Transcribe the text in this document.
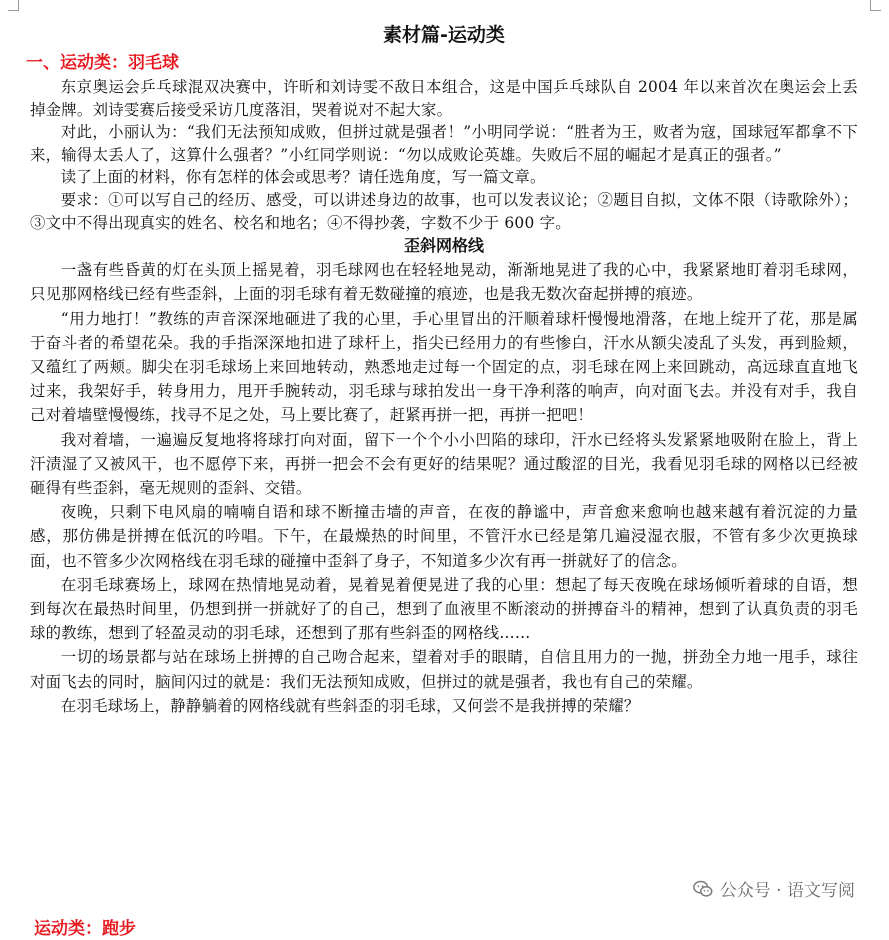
素材篇-运动类
一、运动类：羽毛球

东京奥运会乒乓球混双决赛中，许昕和刘诗雯不敌日本组合，这是中国乒乓球队自 2004 年以来首次在奥运会上丢掉金牌。刘诗雯赛后接受采访几度落泪，哭着说对不起大家。

对此，小丽认为：“我们无法预知成败，但拼过就是强者！”小明同学说：“胜者为王，败者为寇，国球冠军都拿不下来，输得太丢人了，这算什么强者？”小红同学则说：“勿以成败论英雄。失败后不屈的崛起才是真正的强者。”

读了上面的材料，你有怎样的体会或思考？请任选角度，写一篇文章。

要求：①可以写自己的经历、感受，可以讲述身边的故事，也可以发表议论；②题目自拟，文体不限（诗歌除外）；③文中不得出现真实的姓名、校名和地名；④不得抄袭，字数不少于 600 字。

歪斜网格线

一盏有些昏黄的灯在头顶上摇晃着，羽毛球网也在轻轻地晃动，渐渐地晃进了我的心中，我紧紧地盯着羽毛球网，只见那网格线已经有些歪斜，上面的羽毛球有着无数碰撞的痕迹，也是我无数次奋起拼搏的痕迹。

“用力地打！”教练的声音深深地砸进了我的心里，手心里冒出的汗顺着球杆慢慢地滑落，在地上绽开了花，那是属于奋斗者的希望花朵。我的手指深深地扣进了球杆上，指尖已经用力的有些惨白，汗水从额尖凌乱了头发，再到脸颊，又蕴红了两颊。脚尖在羽毛球场上来回地转动，熟悉地走过每一个固定的点，羽毛球在网上来回跳动，高远球直直地飞过来，我架好手，转身用力，甩开手腕转动，羽毛球与球拍发出一身干净利落的响声，向对面飞去。并没有对手，我自己对着墙壁慢慢练，找寻不足之处，马上要比赛了，赶紧再拼一把，再拼一把吧！

我对着墙，一遍遍反复地将将球打向对面，留下一个个小小凹陷的球印，汗水已经将头发紧紧地吸附在脸上，背上汗渍湿了又被风干，也不愿停下来，再拼一把会不会有更好的结果呢？通过酸涩的目光，我看见羽毛球的网格以已经被砸得有些歪斜，毫无规则的歪斜、交错。

夜晚，只剩下电风扇的喃喃自语和球不断撞击墙的声音，在夜的静谧中，声音愈来愈响也越来越有着沉淀的力量感，那仿佛是拼搏在低沉的吟唱。下午，在最燥热的时间里，不管汗水已经是第几遍浸湿衣服，不管有多少次更换球面，也不管多少次网格线在羽毛球的碰撞中歪斜了身子，不知道多少次有再一拼就好了的信念。

在羽毛球赛场上，球网在热情地晃动着，晃着晃着便晃进了我的心里：想起了每天夜晚在球场倾听着球的自语，想到每次在最热时间里，仍想到拼一拼就好了的自己，想到了血液里不断滚动的拼搏奋斗的精神，想到了认真负责的羽毛球的教练，想到了轻盈灵动的羽毛球，还想到了那有些斜歪的网格线……

一切的场景都与站在球场上拼搏的自己吻合起来，望着对手的眼睛，自信且用力的一抛，拼劲全力地一甩手，球往对面飞去的同时，脑间闪过的就是：我们无法预知成败，但拼过的就是强者，我也有自己的荣耀。

在羽毛球场上，静静躺着的网格线就有些斜歪的羽毛球，又何尝不是我拼搏的荣耀？

运动类：跑步
公众号 · 语文写阅
